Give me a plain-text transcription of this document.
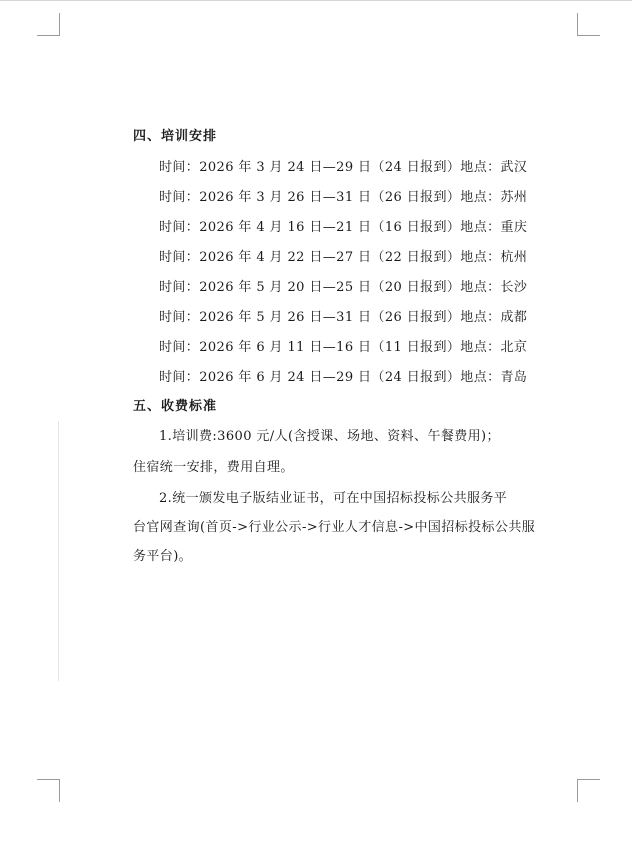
四、培训安排
时间：2026 年 3 月 24 日—29 日（24 日报到）地点：武汉
时间：2026 年 3 月 26 日—31 日（26 日报到）地点：苏州
时间：2026 年 4 月 16 日—21 日（16 日报到）地点：重庆
时间：2026 年 4 月 22 日—27 日（22 日报到）地点：杭州
时间：2026 年 5 月 20 日—25 日（20 日报到）地点：长沙
时间：2026 年 5 月 26 日—31 日（26 日报到）地点：成都
时间：2026 年 6 月 11 日—16 日（11 日报到）地点：北京
时间：2026 年 6 月 24 日—29 日（24 日报到）地点：青岛
五、收费标准
1.培训费:3600 元/人(含授课、场地、资料、午餐费用)；
住宿统一安排，费用自理。
2.统一颁发电子版结业证书，可在中国招标投标公共服务平
台官网查询(首页->行业公示->行业人才信息->中国招标投标公共服
务平台)。
